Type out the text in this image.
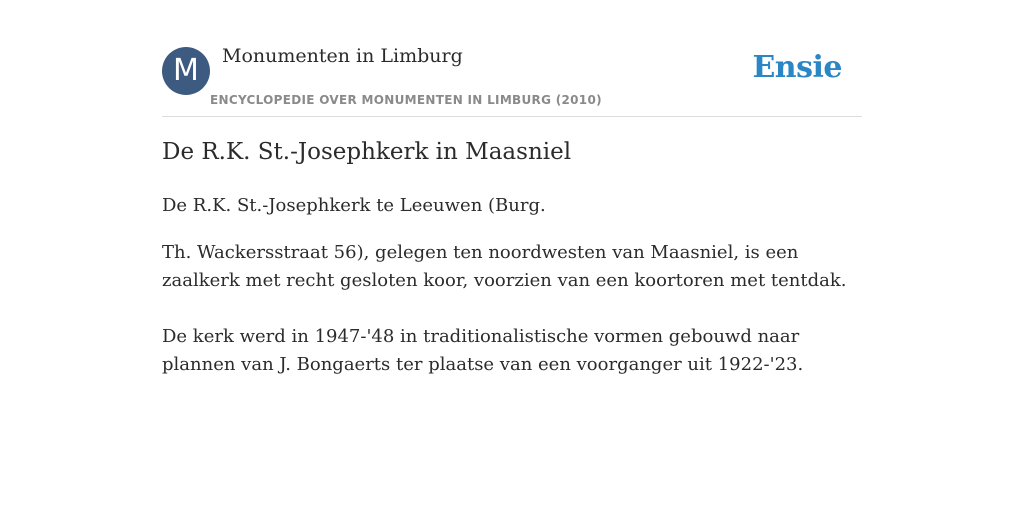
M	Monumenten in Limburg
ENCYCLOPEDIE OVER MONUMENTEN IN LIMBURG (2010)
Ensie
De R.K. St.-Josephkerk in Maasniel

De R.K. St.-Josephkerk te Leeuwen (Burg.

Th. Wackersstraat 56), gelegen ten noordwesten van Maasniel, is een zaalkerk met recht gesloten koor, voorzien van een koortoren met tentdak.

De kerk werd in 1947-'48 in traditionalistische vormen gebouwd naar plannen van J. Bongaerts ter plaatse van een voorganger uit 1922-'23.
